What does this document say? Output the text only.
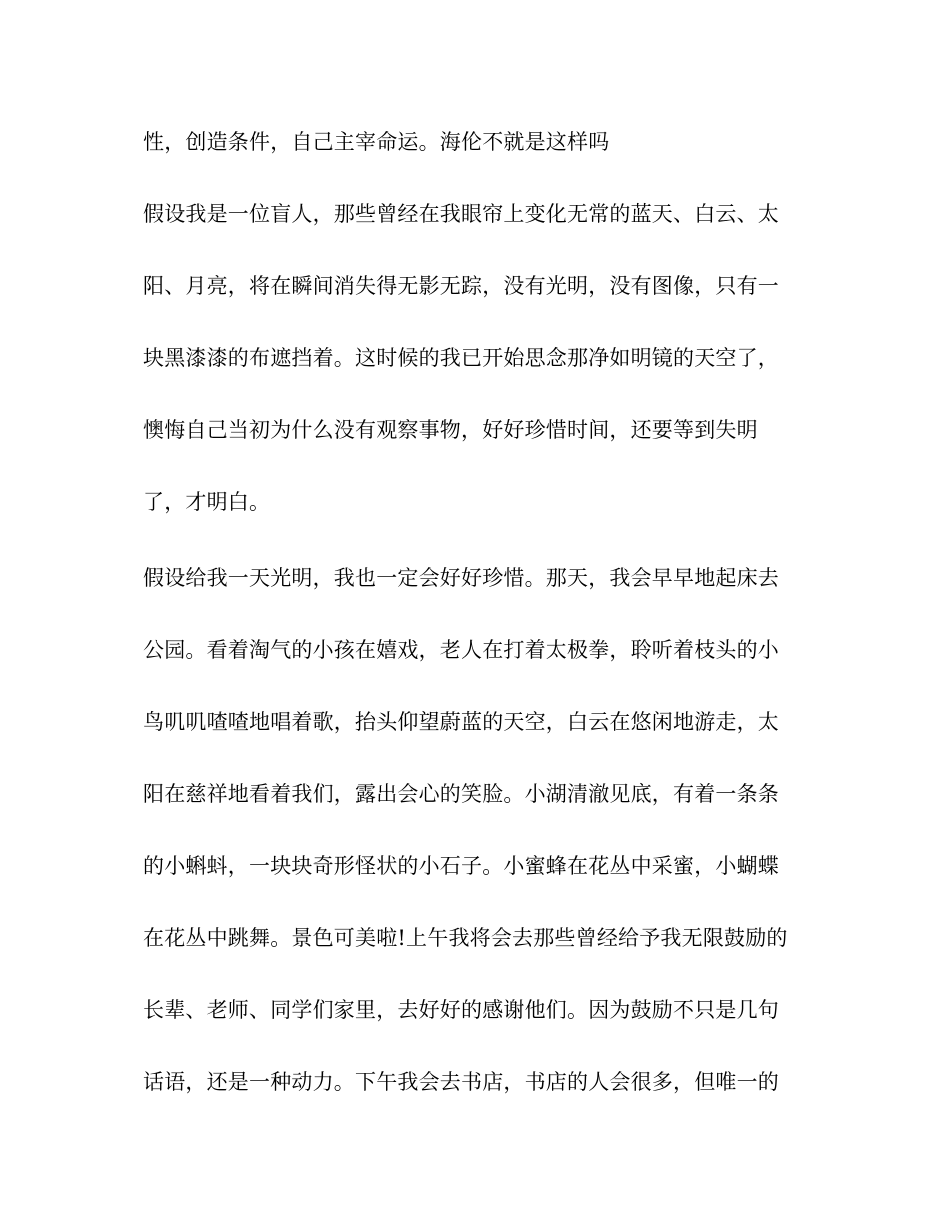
性，创造条件，自己主宰命运。海伦不就是这样吗
假设我是一位盲人，那些曾经在我眼帘上变化无常的蓝天、白云、太
阳、月亮，将在瞬间消失得无影无踪，没有光明，没有图像，只有一
块黑漆漆的布遮挡着。这时候的我已开始思念那净如明镜的天空了，
懊悔自己当初为什么没有观察事物，好好珍惜时间，还要等到失明
了，才明白。
假设给我一天光明，我也一定会好好珍惜。那天，我会早早地起床去
公园。看着淘气的小孩在嬉戏，老人在打着太极拳，聆听着枝头的小
鸟叽叽喳喳地唱着歌，抬头仰望蔚蓝的天空，白云在悠闲地游走，太
阳在慈祥地看着我们，露出会心的笑脸。小湖清澈见底，有着一条条
的小蝌蚪，一块块奇形怪状的小石子。小蜜蜂在花丛中采蜜，小蝴蝶
在花丛中跳舞。景色可美啦!上午我将会去那些曾经给予我无限鼓励的
长辈、老师、同学们家里，去好好的感谢他们。因为鼓励不只是几句
话语，还是一种动力。下午我会去书店，书店的人会很多，但唯一的
